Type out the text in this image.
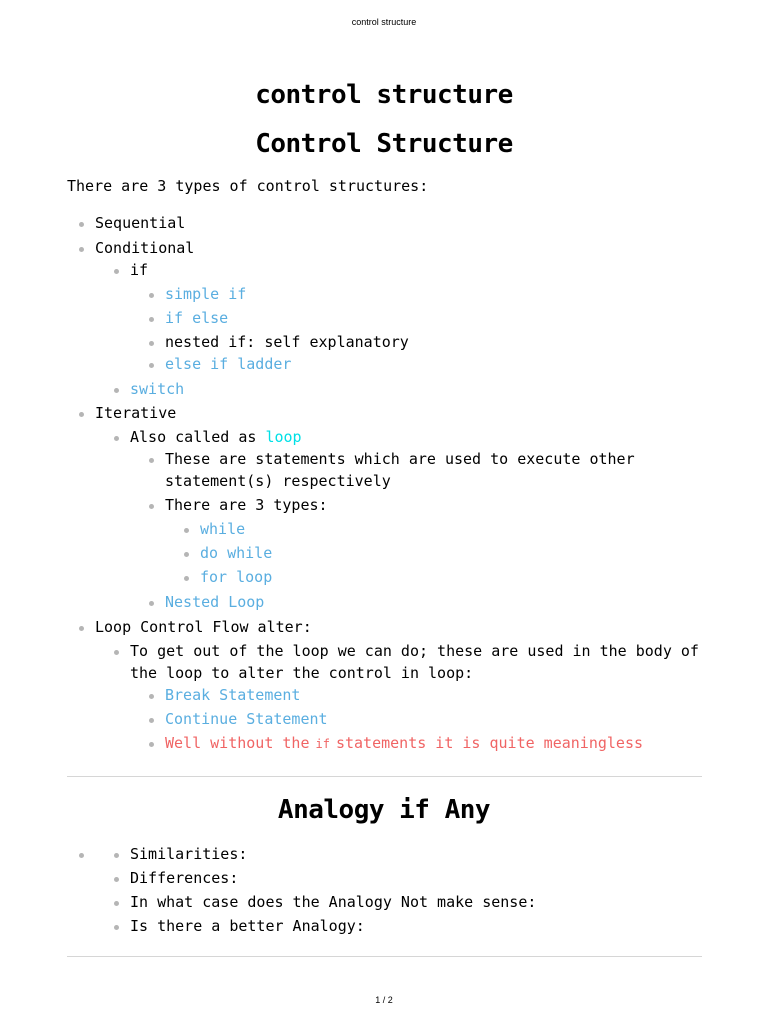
control structure
control structure
Control Structure
There are 3 types of control structures:
Sequential
Conditional
if
simple if
if else
nested if: self explanatory
else if ladder
switch
Iterative
Also called as loop
These are statements which are used to execute other statement(s) respectively
There are 3 types:
while
do while
for loop
Nested Loop
Loop Control Flow alter:
To get out of the loop we can do; these are used in the body of the loop to alter the control in loop:
Break Statement
Continue Statement
Well without the if statements it is quite meaningless
Analogy if Any
Similarities:
Differences:
In what case does the Analogy Not make sense:
Is there a better Analogy:
1 / 2
